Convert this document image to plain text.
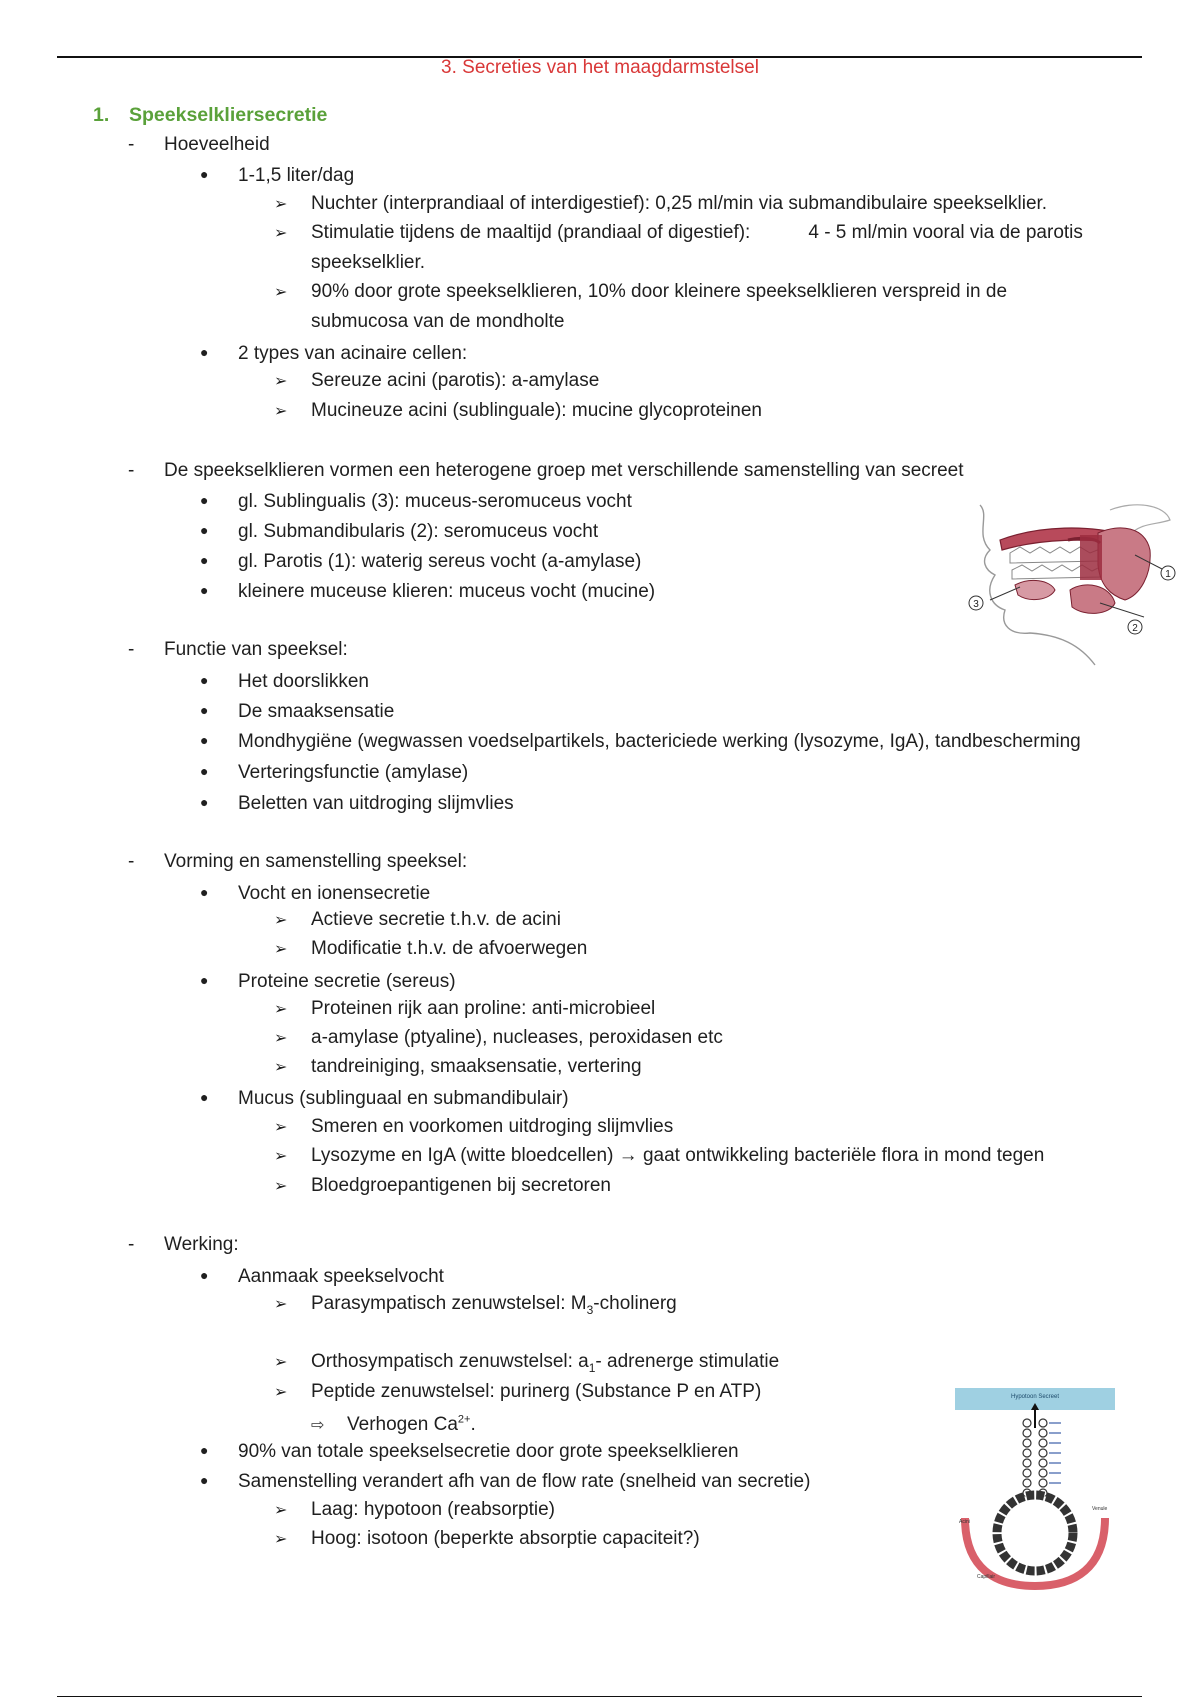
3. Secreties van het maagdarmstelsel
1. Speekselkliersecretie
- Hoeveelheid
● 1-1,5 liter/dag
➢ Nuchter (interprandiaal of interdigestief): 0,25 ml/min via submandibulaire speekselklier.
➢ Stimulatie tijdens de maaltijd (prandiaal of digestief):	4 - 5 ml/min vooral via de parotis
speekselklier.
➢ 90% door grote speekselklieren, 10% door kleinere speekselklieren verspreid in de
submucosa van de mondholte
● 2 types van acinaire cellen:
➢ Sereuze acini (parotis): a-amylase
➢ Mucineuze acini (sublinguale): mucine glycoproteinen
- De speekselklieren vormen een heterogene groep met verschillende samenstelling van secreet
● gl. Sublingualis (3): muceus-seromuceus vocht
● gl. Submandibularis (2): seromuceus vocht
● gl. Parotis (1): waterig sereus vocht (a-amylase)
● kleinere muceuse klieren: muceus vocht (mucine)
1
2
3
- Functie van speeksel:
● Het doorslikken
● De smaaksensatie
● Mondhygiëne (wegwassen voedselpartikels, bactericiede werking (lysozyme, IgA), tandbescherming
● Verteringsfunctie (amylase)
● Beletten van uitdroging slijmvlies
- Vorming en samenstelling speeksel:
● Vocht en ionensecretie
➢ Actieve secretie t.h.v. de acini
➢ Modificatie t.h.v. de afvoerwegen
● Proteine secretie (sereus)
➢ Proteinen rijk aan proline: anti-microbieel
➢ a-amylase (ptyaline), nucleases, peroxidasen etc
➢ tandreiniging, smaaksensatie, vertering
● Mucus (sublinguaal en submandibulair)
➢ Smeren en voorkomen uitdroging slijmvlies
➢ Lysozyme en IgA (witte bloedcellen) → gaat ontwikkeling bacteriële flora in mond tegen
➢ Bloedgroepantigenen bij secretoren
- Werking:
● Aanmaak speekselvocht
➢ Parasympatisch zenuwstelsel: $M_3$-cholinerg
➢ Orthosympatisch zenuwstelsel: $a_1-$ adrenerge stimulatie
➢ Peptide zenuwstelsel: purinerg (Substance P en ATP)
⇨ Verhogen $Ca^{2+}$.
● 90% van totale speekselsecretie door grote speekselklieren
● Samenstelling verandert afh van de flow rate (snelheid van secretie)
➢ Laag: hypotoon (reabsorptie)
➢ Hoog: isotoon (beperkte absorptie capaciteit?)
Hypotoon Secreet
Acini
Venule
Capillair
